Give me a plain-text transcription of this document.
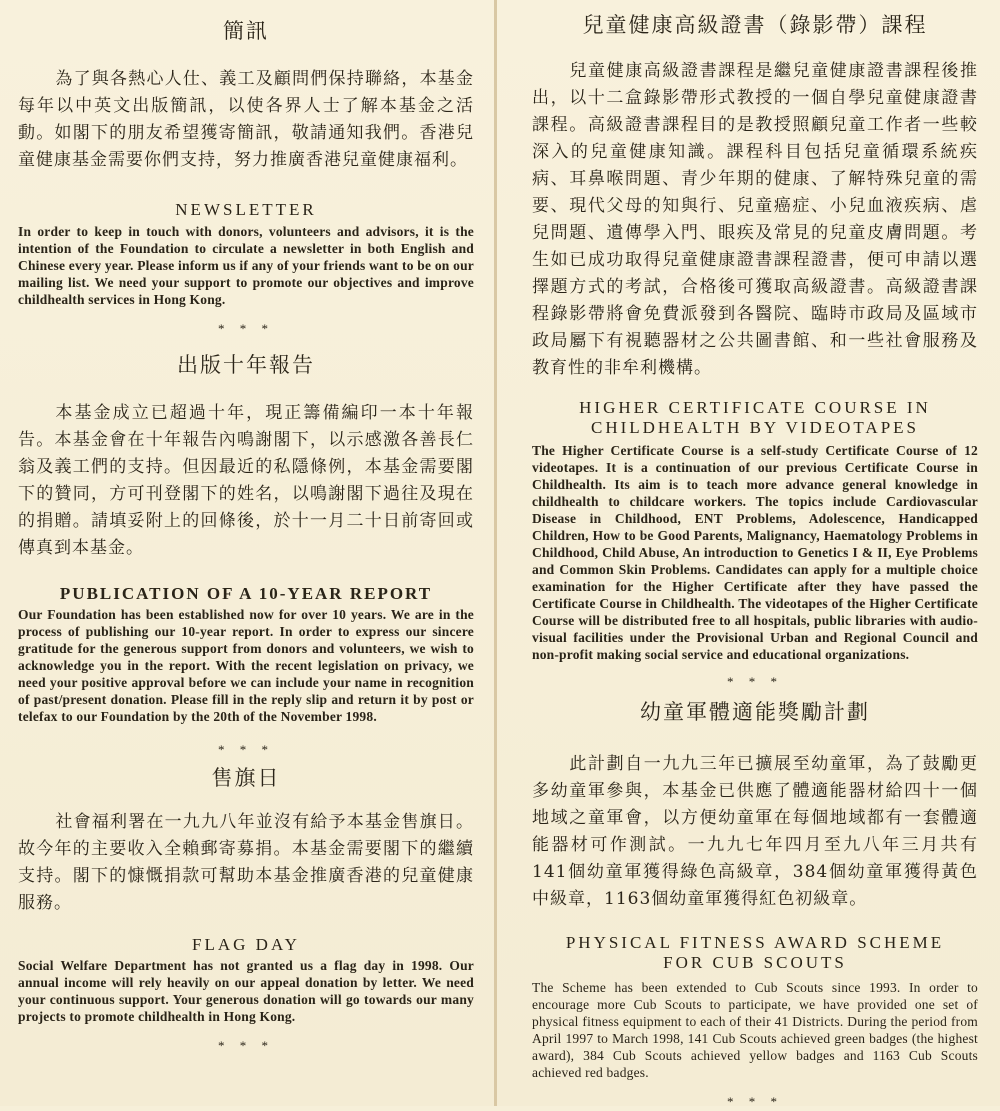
簡訊

為了與各熱心人仕、義工及顧問們保持聯絡，本基金每年以中英文出版簡訊，以使各界人士了解本基金之活動。如閣下的朋友希望獲寄簡訊，敬請通知我們。香港兒童健康基金需要你們支持，努力推廣香港兒童健康福利。

NEWSLETTER

In order to keep in touch with donors, volunteers and advisors, it is the intention of the Foundation to circulate a newsletter in both English and Chinese every year. Please inform us if any of your friends want to be on our mailing list. We need your support to promote our objectives and improve childhealth services in Hong Kong.

* * *

出版十年報告

本基金成立已超過十年，現正籌備編印一本十年報告。本基金會在十年報告內鳴謝閣下，以示感激各善長仁翁及義工們的支持。但因最近的私隱條例，本基金需要閣下的贊同，方可刊登閣下的姓名，以鳴謝閣下過往及現在的捐贈。請填妥附上的回條後，於十一月二十日前寄回或傳真到本基金。

PUBLICATION OF A 10-YEAR REPORT

Our Foundation has been established now for over 10 years. We are in the process of publishing our 10-year report. In order to express our sincere gratitude for the generous support from donors and volunteers, we wish to acknowledge you in the report. With the recent legislation on privacy, we need your positive approval before we can include your name in recognition of past/present donation. Please fill in the reply slip and return it by post or telefax to our Foundation by the 20th of the November 1998.

* * *

售旗日

社會福利署在一九九八年並沒有給予本基金售旗日。故今年的主要收入全賴郵寄募捐。本基金需要閣下的繼續支持。閣下的慷慨捐款可幫助本基金推廣香港的兒童健康服務。

FLAG DAY

Social Welfare Department has not granted us a flag day in 1998. Our annual income will rely heavily on our appeal donation by letter. We need your continuous support. Your generous donation will go towards our many projects to promote childhealth in Hong Kong.

* * *

兒童健康高級證書（錄影帶）課程

兒童健康高級證書課程是繼兒童健康證書課程後推出，以十二盒錄影帶形式教授的一個自學兒童健康證書課程。高級證書課程目的是教授照顧兒童工作者一些較深入的兒童健康知識。課程科目包括兒童循環系統疾病、耳鼻喉問題、青少年期的健康、了解特殊兒童的需要、現代父母的知與行、兒童癌症、小兒血液疾病、虐兒問題、遺傳學入門、眼疾及常見的兒童皮膚問題。考生如已成功取得兒童健康證書課程證書，便可申請以選擇題方式的考試，合格後可獲取高級證書。高級證書課程錄影帶將會免費派發到各醫院、臨時市政局及區域市政局屬下有視聽器材之公共圖書館、和一些社會服務及教育性的非牟利機構。

HIGHER CERTIFICATE COURSE IN CHILDHEALTH BY VIDEOTAPES

The Higher Certificate Course is a self-study Certificate Course of 12 videotapes. It is a continuation of our previous Certificate Course in Childhealth. Its aim is to teach more advance general knowledge in childhealth to childcare workers. The topics include Cardiovascular Disease in Childhood, ENT Problems, Adolescence, Handicapped Children, How to be Good Parents, Malignancy, Haematology Problems in Childhood, Child Abuse, An introduction to Genetics I & II, Eye Problems and Common Skin Problems. Candidates can apply for a multiple choice examination for the Higher Certificate after they have passed the Certificate Course in Childhealth. The videotapes of the Higher Certificate Course will be distributed free to all hospitals, public libraries with audio-visual facilities under the Provisional Urban and Regional Council and non-profit making social service and educational organizations.

* * *

幼童軍體適能獎勵計劃

此計劃自一九九三年已擴展至幼童軍，為了鼓勵更多幼童軍參與，本基金已供應了體適能器材給四十一個地域之童軍會，以方便幼童軍在每個地域都有一套體適能器材可作測試。一九九七年四月至九八年三月共有141個幼童軍獲得綠色高級章，384個幼童軍獲得黃色中級章，1163個幼童軍獲得紅色初級章。

PHYSICAL FITNESS AWARD SCHEME FOR CUB SCOUTS

The Scheme has been extended to Cub Scouts since 1993. In order to encourage more Cub Scouts to participate, we have provided one set of physical fitness equipment to each of their 41 Districts. During the period from April 1997 to March 1998, 141 Cub Scouts achieved green badges (the highest award), 384 Cub Scouts achieved yellow badges and 1163 Cub Scouts achieved red badges.

* * *
